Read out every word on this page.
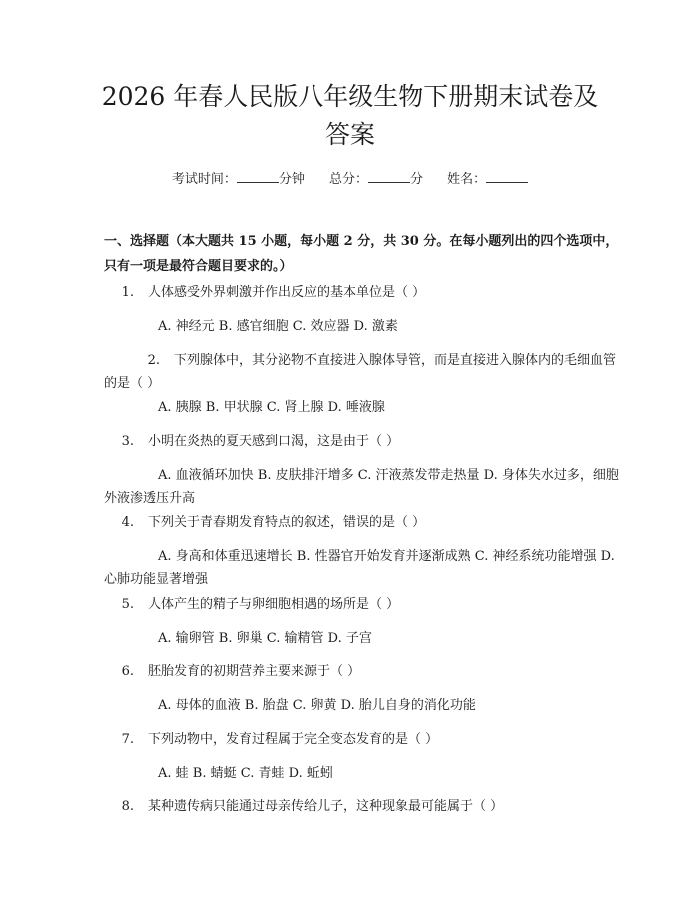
2026 年春人民版八年级生物下册期末试卷及
答案
考试时间：	分钟 总分：	分 姓名：
一、选择题（本大题共 15 小题，每小题 2 分，共 30 分。在每小题列出的四个选项中，只有一项是最符合题目要求的。）
1. 人体感受外界刺激并作出反应的基本单位是（ ）
A. 神经元 B. 感官细胞 C. 效应器 D. 激素
2. 下列腺体中，其分泌物不直接进入腺体导管，而是直接进入腺体内的毛细血管的是（ ）
A. 胰腺 B. 甲状腺 C. 肾上腺 D. 唾液腺
3. 小明在炎热的夏天感到口渴，这是由于（ ）
A. 血液循环加快 B. 皮肤排汗增多 C. 汗液蒸发带走热量 D. 身体失水过多，细胞外液渗透压升高
4. 下列关于青春期发育特点的叙述，错误的是（ ）
A. 身高和体重迅速增长 B. 性器官开始发育并逐渐成熟 C. 神经系统功能增强 D. 心肺功能显著增强
5. 人体产生的精子与卵细胞相遇的场所是（ ）
A. 输卵管 B. 卵巢 C. 输精管 D. 子宫
6. 胚胎发育的初期营养主要来源于（ ）
A. 母体的血液 B. 胎盘 C. 卵黄 D. 胎儿自身的消化功能
7. 下列动物中，发育过程属于完全变态发育的是（ ）
A. 蛙 B. 蜻蜓 C. 青蛙 D. 蚯蚓
8. 某种遗传病只能通过母亲传给儿子，这种现象最可能属于（ ）
